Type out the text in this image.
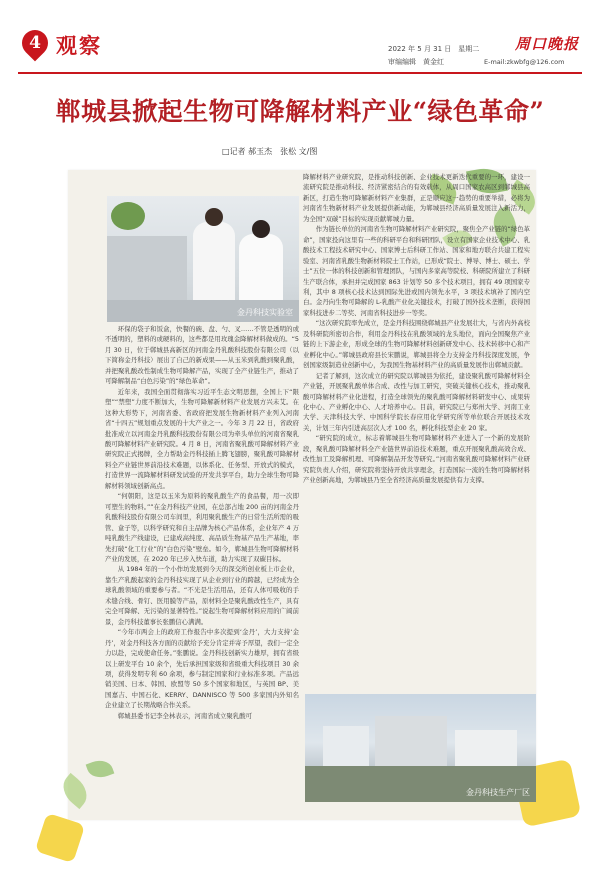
4 观察	2022 年 5 月 31 日　星期二
审编编辑　黄金红
周口晚报
E-mail:zkwbfg@126.com
郸城县掀起生物可降解材料产业“绿色革命”
□记者 郝玉杰　张松 文/图
金丹科技实验室

环保的袋子和饭盒，快餐的碗、盘、勺、叉……不管是透明的或不透明的，塑料的或硬料的，这些都是用玫瑰金降解材料做成的。“5 月 30 日，位于郸城县高新区的河南金丹乳酸科技股份有限公司（以下简称金丹科技）展出了自己的新成果——从玉米到乳酸到聚乳酸，并把聚乳酸改性制成生物可降解产品，实现了全产业链生产，推动了可降解制品“白色污染”的“绿色革命”。

近年来，我国全面贯彻落实习近平生态文明思想，全国上下“限塑”“禁塑”力度不断加大，生物可降解新材料产业发展方兴未艾。在这种大形势下，河南省委、省政府把发展生物新材料产业列入河南省“十四五”规划重点发展的十大产业之一。今年 3 月 22 日，省政府批准成立以河南金丹乳酸科技股份有限公司为牵头单位的河南省聚乳酸可降解材料产业研究院。4 月 8 日，河南省聚乳酸可降解材料产业研究院正式揭牌，全力帮助金丹科技插上腾飞翅膀，聚乳酸可降解材料全产业链世界前沿技术难题，以体系化、任务型、开放式的模式，打造世界一流降解材料研发试验的开发共享平台，助力全球生物可降解材料领域创新高点。

“何朝阳，这是以玉米为原料的聚乳酸生产的食品餐，用一次即可塑生的物料。””在金丹科技产业园，在总部占地 200 亩的河南金丹乳酸科技股份有限公司车间里，利用聚乳酸生产的日常生活所需的吸管、盒子等，以科学研究和自主品牌为核心产品体系，企业年产 4 万吨乳酸生产线建设，已建成高纯度、高品质生物基产品生产基地，率先打破“化工行业”的“白色污染”壁垒。如今，郸城县生物可降解材料产业的发展，在 2020 年已步入快车道，助力实现了双碳目标。

从 1984 年的一个小作坊发展到今天的深交所创业板上市企业，靠生产乳酸起家的金丹科技实现了从企业到行业的跨越，已经成为全球乳酸领域的重要参与者。“不光是生活用品，还有人体可吸收的手术缝合线、骨钉、医用膜等产品，原材料全是聚乳酸改性生产，具有完全可降解、无污染的显著特性。”说起生物可降解材料应用的广阔前景，金丹科技董事长张鹏信心满满。

“今年市两会上的政府工作报告中多次提到‘金丹’，大力支持‘金丹’，对金丹科技各方面的贡献给予充分肯定并寄予厚望，我们一定全力以赴，完成使命任务。”张鹏说。金丹科技创新实力雄厚，拥有省级以上研发平台 10 余个，先后承担国家级和省级重大科技项目 30 余项，获得发明专利 60 余项，参与制定国家和行业标准多项。产品远销美国、日本、韩国、欧盟等 50 多个国家和地区，与英国 BP、美国嘉吉、中国石化、KERRY、DANNISCO 等 500 多家国内外知名企业建立了长期战略合作关系。

郸城县委书记李全林表示，河南省成立聚乳酸可

降解材料产业研究院，是推动科技创新、企业技术更新迭代重要的一环，建设一流研究院是推动科技、经济紧密结合的有效载体，从周口国家农高区到郸城县高新区，打造生物可降解新材料产业集群，正是顺应这一趋势的重要举措，必将为河南省生物新材料产业发展提供新动能，为郸城县经济高质量发展注入新活力，为全国“双碳”目标的实现贡献郸城力量。

作为链长单位的河南省生物可降解材料产业研究院，聚焦全产业链的“绿色革命”，国家投向这里有一些的科研平台和科研团队，设立有国家企业技术中心、乳酸技术工程技术研究中心、国家博士后科研工作站、国家和地方联合共建工程实验室、河南省乳酸生物新材料院士工作站，已形成“院士、博导、博士、硕士、学士”五位一体的科技创新和管理团队，与国内多家高等院校、科研院所建立了科研生产联合体，承担并完成国家 863 计划等 50 多个技术项目，拥有 49 项国家专利，其中 8 项核心技术达到国际先进或国内领先水平，3 项技术填补了国内空白。金丹向生物可降解的 L-乳酸产业化关键技术，打破了国外技术垄断，获得国家科技进步二等奖、河南省科技进步一等奖。

“这次研究院率先成立，是金丹科技围绕郸城县产业发展壮大，与省内外高校及科研院所密切合作，利用金丹科技在乳酸领域的龙头地位，面向全国聚焦产业链的上下游企业，形成全球的生物可降解材料创新研发中心、技术转移中心和产业孵化中心。”郸城县政府县长宋鹏说，郸城县将全力支持金丹科技深度发展，争创国家级制造业创新中心，为我国生物基材料产业的高质量发展作出郸城贡献。

记者了解到，这次成立的研究院以郸城县为依托，建设聚乳酸可降解材料全产业链，开展聚乳酸单体合成、改性与加工研究，突破关键核心技术，推动聚乳酸可降解材料产业化进程，打造全球领先的聚乳酸可降解材料研发中心、成果转化中心、产业孵化中心、人才培养中心。目前，研究院已与郑州大学、河南工业大学、天津科技大学、中国科学院长春应用化学研究所等单位联合开展技术攻关，计划三年内引进高层次人才 100 名，孵化科技型企业 20 家。

“研究院的成立，标志着郸城县生物可降解材料产业进入了一个新的发展阶段，聚乳酸可降解材料全产业链世界前沿技术难题，重点开展聚乳酸高效合成、改性加工及降解机理、可降解制品开发等研究。”河南省聚乳酸可降解材料产业研究院负责人介绍，研究院将坚持开放共享理念，打造国际一流的生物可降解材料产业创新高地，为郸城县乃至全省经济高质量发展提供有力支撑。

金丹科技生产厂区
